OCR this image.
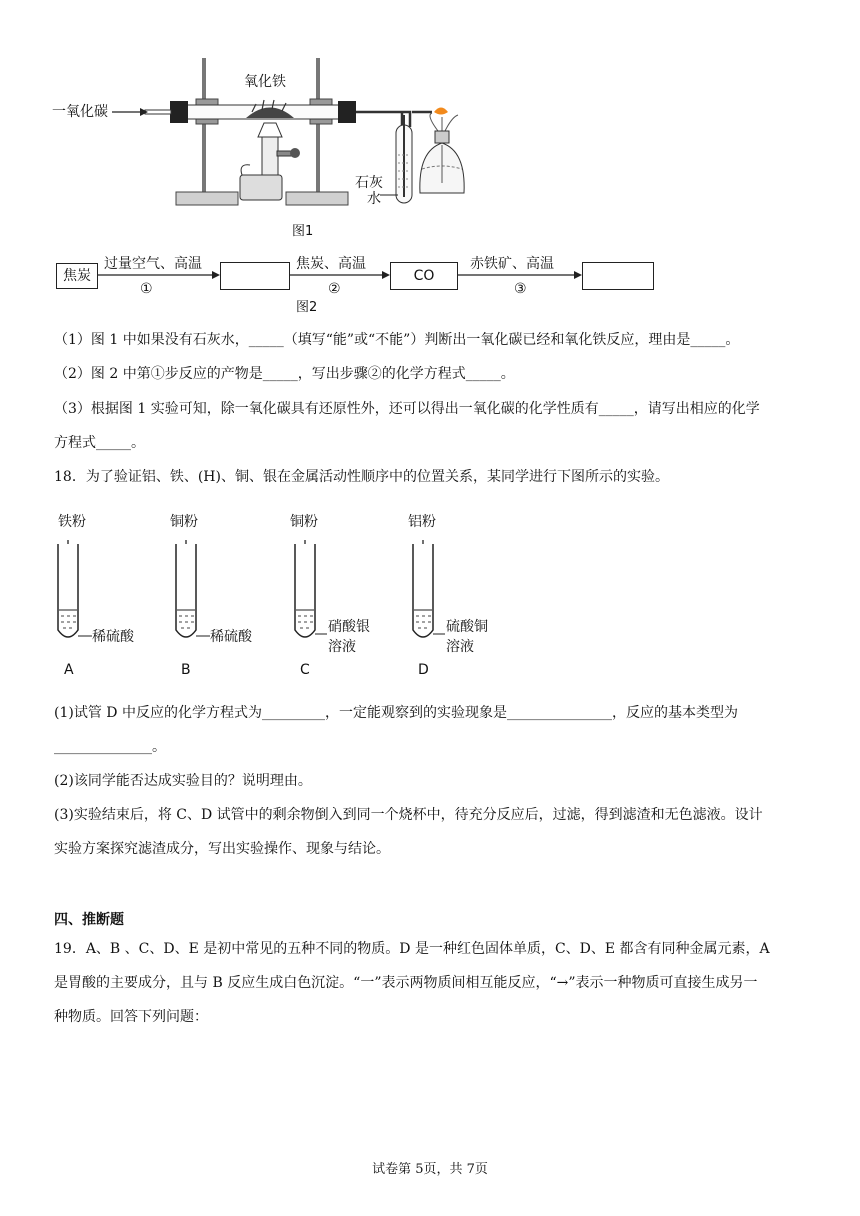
一氧化碳
氧化铁
石灰
水
图1
焦炭	CO
过量空气、高温
①
焦炭、高温
②
赤铁矿、高温
③
图2
（1）图 1 中如果没有石灰水，_____（填写“能”或“不能”）判断出一氧化碳已经和氧化铁反应，理由是_____。
（2）图 2 中第①步反应的产物是_____，写出步骤②的化学方程式_____。
（3）根据图 1 实验可知，除一氧化碳具有还原性外，还可以得出一氧化碳的化学性质有_____，请写出相应的化学
方程式_____。
18．为了验证铝、铁、(H)、铜、银在金属活动性顺序中的位置关系，某同学进行下图所示的实验。
铁粉
稀硫酸
A
铜粉
稀硫酸
B
铜粉
硝酸银
溶液
C
铝粉
硫酸铜
溶液
D
(1)试管 D 中反应的化学方程式为_________，一定能观察到的实验现象是_______________，反应的基本类型为
______________。
(2)该同学能否达成实验目的？说明理由。
(3)实验结束后，将 C、D 试管中的剩余物倒入到同一个烧杯中，待充分反应后，过滤，得到滤渣和无色滤液。设计
实验方案探究滤渣成分，写出实验操作、现象与结论。
四、推断题
19．A、B 、C、D、E 是初中常见的五种不同的物质。D 是一种红色固体单质，C、D、E 都含有同种金属元素，A
是胃酸的主要成分，且与 B 反应生成白色沉淀。“一”表示两物质间相互能反应，“→”表示一种物质可直接生成另一
种物质。回答下列问题：
试卷第 5页，共 7页
